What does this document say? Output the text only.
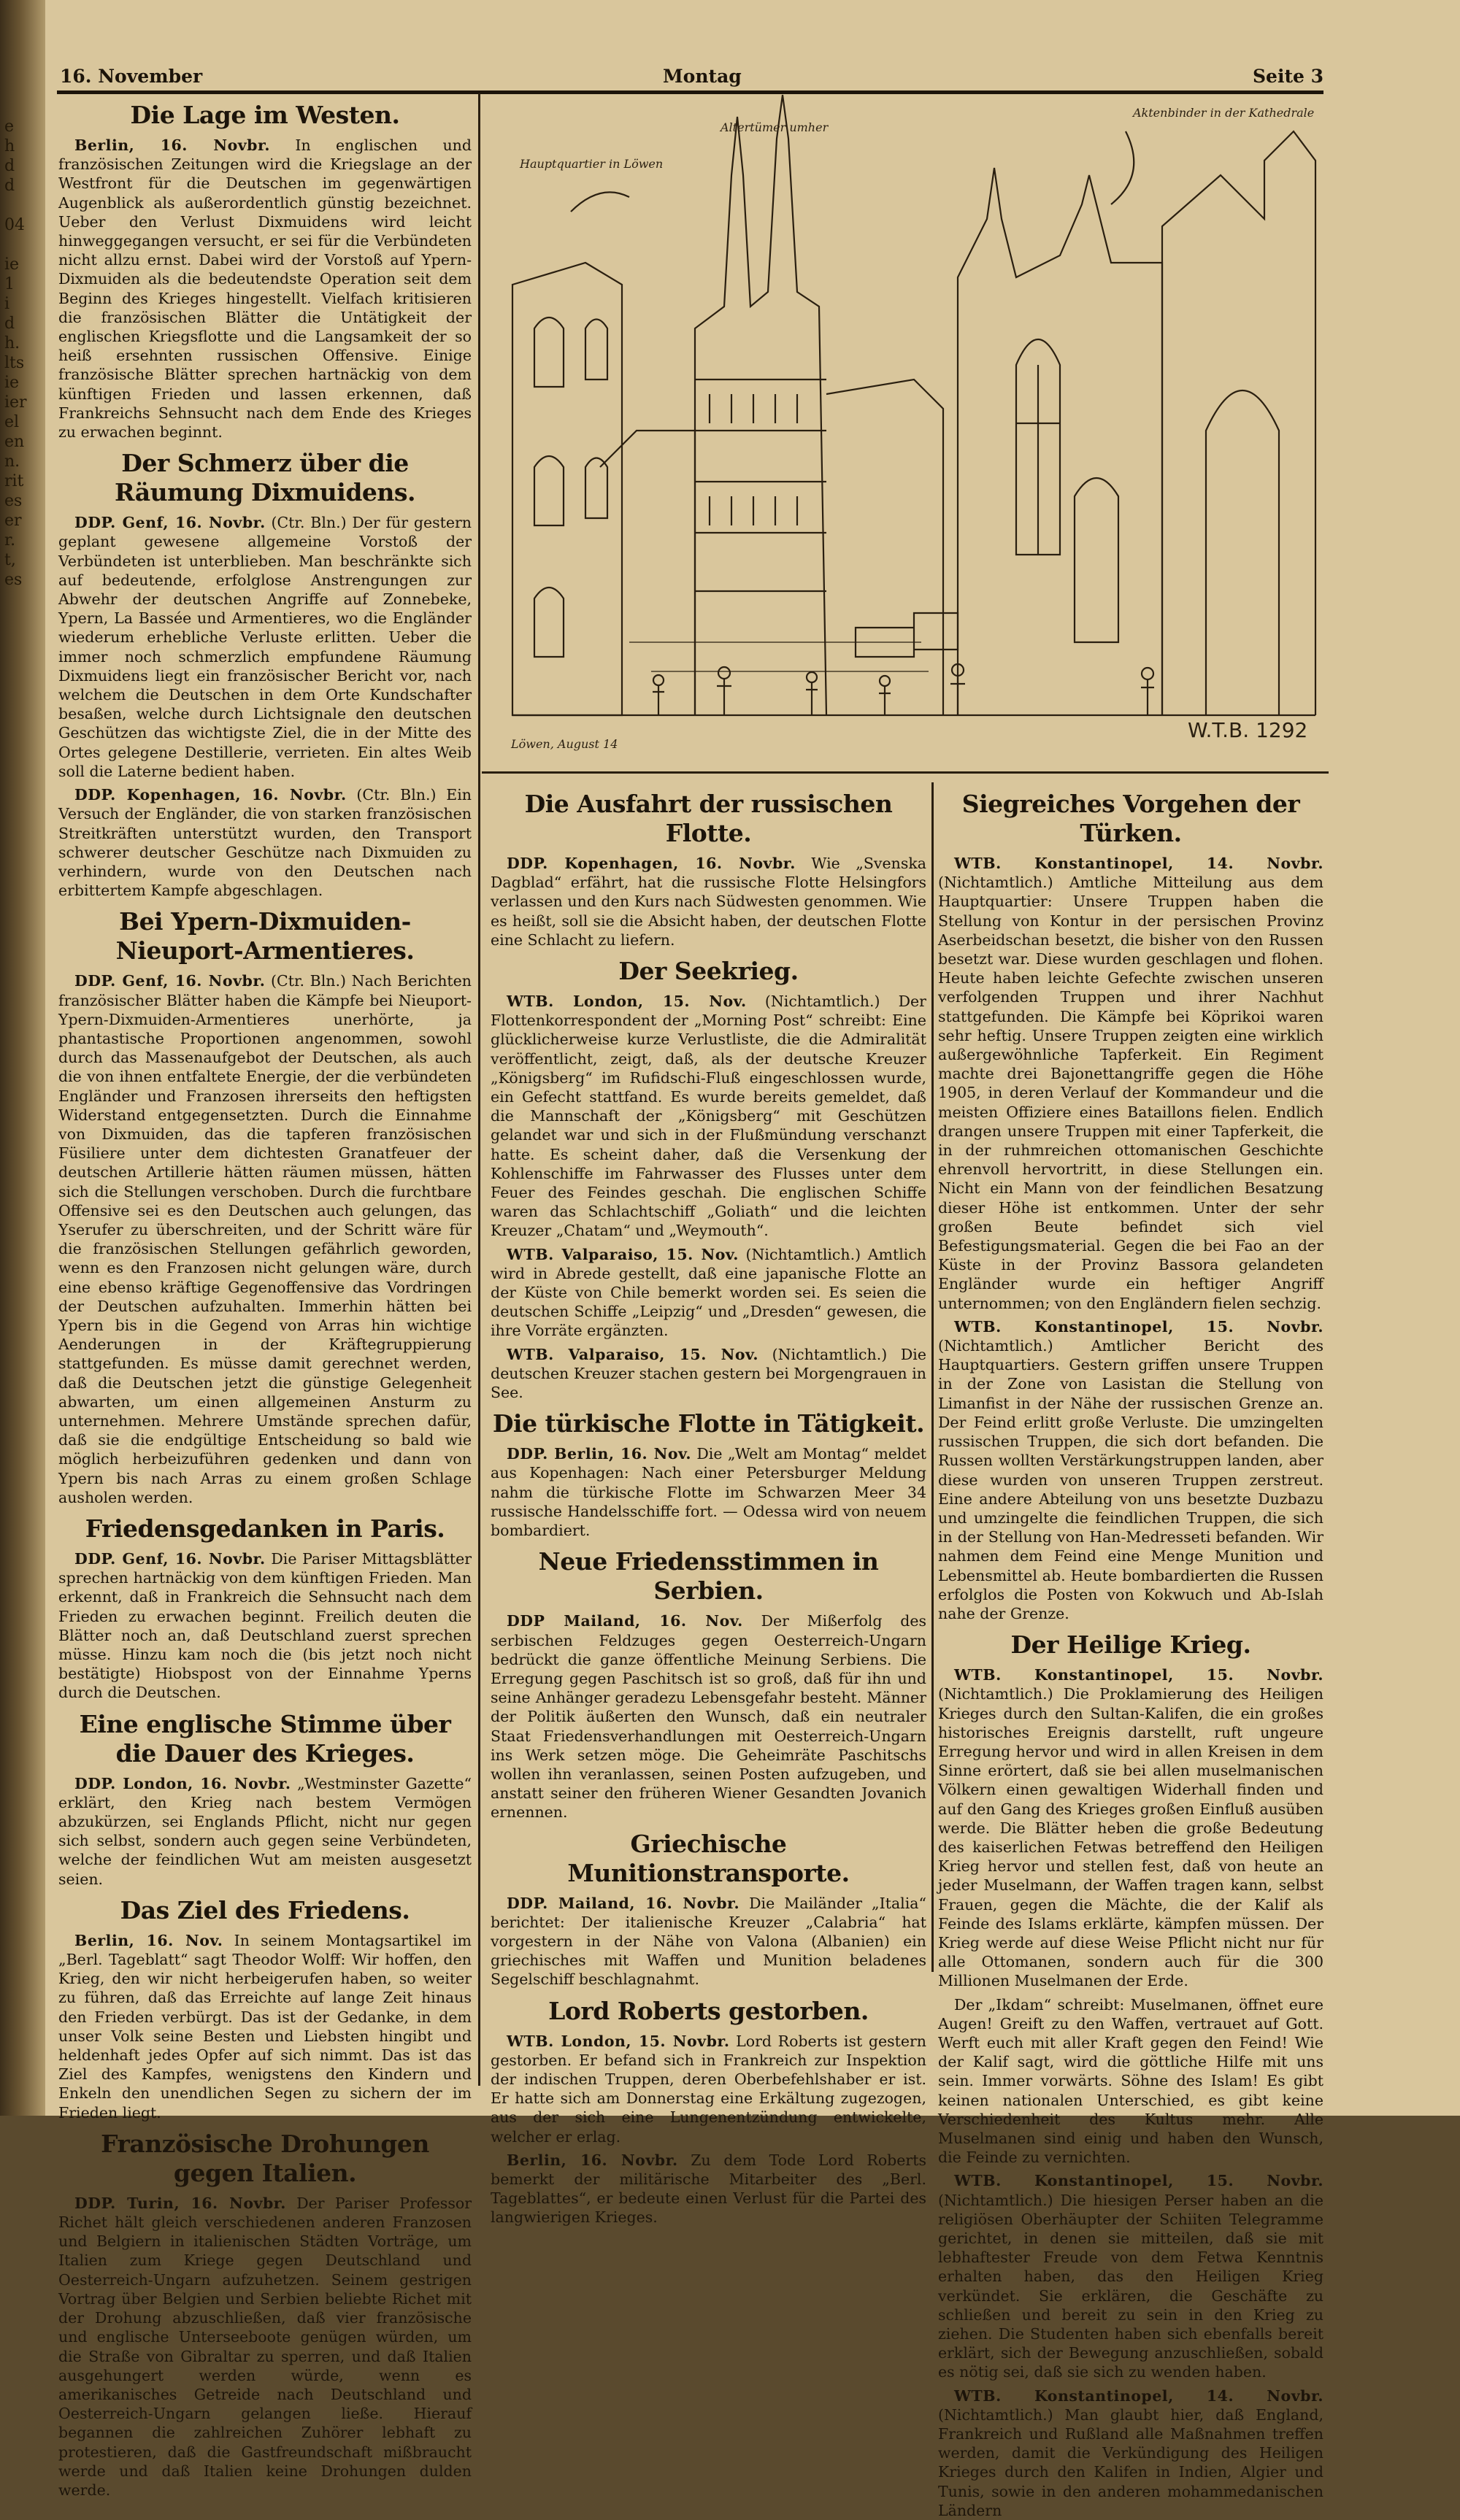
e
h
d
d

04

ie
1
i
d
h.
lts
ie
ier
el
en
n.
rit
es
er
r.
t,
es
16. November	Montag	Seite 3
Hauptquartier in Löwen
Altertümer umher
Aktenbinder in der Kathedrale
Löwen, August 14
W.T.B. 1292
Die Lage im Westen.

Berlin, 16. Novbr. In englischen und französischen Zeitungen wird die Kriegslage an der Westfront für die Deutschen im gegenwärtigen Augenblick als außerordentlich günstig bezeichnet. Ueber den Verlust Dixmuidens wird leicht hinweggegangen versucht, er sei für die Verbündeten nicht allzu ernst. Dabei wird der Vorstoß auf Ypern-Dixmuiden als die bedeutendste Operation seit dem Beginn des Krieges hingestellt. Vielfach kritisieren die französischen Blätter die Untätigkeit der englischen Kriegsflotte und die Langsamkeit der so heiß ersehnten russischen Offensive. Einige französische Blätter sprechen hartnäckig von dem künftigen Frieden und lassen erkennen, daß Frankreichs Sehnsucht nach dem Ende des Krieges zu erwachen beginnt.

Der Schmerz über die Räumung Dixmuidens.

DDP. Genf, 16. Novbr. (Ctr. Bln.) Der für gestern geplant gewesene allgemeine Vorstoß der Verbündeten ist unterblieben. Man beschränkte sich auf bedeutende, erfolglose Anstrengungen zur Abwehr der deutschen Angriffe auf Zonnebeke, Ypern, La Bassée und Armentieres, wo die Engländer wiederum erhebliche Verluste erlitten. Ueber die immer noch schmerzlich empfundene Räumung Dixmuidens liegt ein französischer Bericht vor, nach welchem die Deutschen in dem Orte Kundschafter besaßen, welche durch Lichtsignale den deutschen Geschützen das wichtigste Ziel, die in der Mitte des Ortes gelegene Destillerie, verrieten. Ein altes Weib soll die Laterne bedient haben.

DDP. Kopenhagen, 16. Novbr. (Ctr. Bln.) Ein Versuch der Engländer, die von starken französischen Streitkräften unterstützt wurden, den Transport schwerer deutscher Geschütze nach Dixmuiden zu verhindern, wurde von den Deutschen nach erbittertem Kampfe abgeschlagen.

Bei Ypern-Dixmuiden-Nieuport-Armentieres.

DDP. Genf, 16. Novbr. (Ctr. Bln.) Nach Berichten französischer Blätter haben die Kämpfe bei Nieuport-Ypern-Dixmuiden-Armentieres unerhörte, ja phantastische Proportionen angenommen, sowohl durch das Massenaufgebot der Deutschen, als auch die von ihnen entfaltete Energie, der die verbündeten Engländer und Franzosen ihrerseits den heftigsten Widerstand entgegensetzten. Durch die Einnahme von Dixmuiden, das die tapferen französischen Füsiliere unter dem dichtesten Granatfeuer der deutschen Artillerie hätten räumen müssen, hätten sich die Stellungen verschoben. Durch die furchtbare Offensive sei es den Deutschen auch gelungen, das Yserufer zu überschreiten, und der Schritt wäre für die französischen Stellungen gefährlich geworden, wenn es den Franzosen nicht gelungen wäre, durch eine ebenso kräftige Gegenoffensive das Vordringen der Deutschen aufzuhalten. Immerhin hätten bei Ypern bis in die Gegend von Arras hin wichtige Aenderungen in der Kräftegruppierung stattgefunden. Es müsse damit gerechnet werden, daß die Deutschen jetzt die günstige Gelegenheit abwarten, um einen allgemeinen Ansturm zu unternehmen. Mehrere Umstände sprechen dafür, daß sie die endgültige Entscheidung so bald wie möglich herbeizuführen gedenken und dann von Ypern bis nach Arras zu einem großen Schlage ausholen werden.

Friedensgedanken in Paris.

DDP. Genf, 16. Novbr. Die Pariser Mittagsblätter sprechen hartnäckig von dem künftigen Frieden. Man erkennt, daß in Frankreich die Sehnsucht nach dem Frieden zu erwachen beginnt. Freilich deuten die Blätter noch an, daß Deutschland zuerst sprechen müsse. Hinzu kam noch die (bis jetzt noch nicht bestätigte) Hiobspost von der Einnahme Yperns durch die Deutschen.

Eine englische Stimme über die Dauer des Krieges.

DDP. London, 16. Novbr. „Westminster Gazette“ erklärt, den Krieg nach bestem Vermögen abzukürzen, sei Englands Pflicht, nicht nur gegen sich selbst, sondern auch gegen seine Verbündeten, welche der feindlichen Wut am meisten ausgesetzt seien.

Das Ziel des Friedens.

Berlin, 16. Nov. In seinem Montagsartikel im „Berl. Tageblatt“ sagt Theodor Wolff: Wir hoffen, den Krieg, den wir nicht herbeigerufen haben, so weiter zu führen, daß das Erreichte auf lange Zeit hinaus den Frieden verbürgt. Das ist der Gedanke, in dem unser Volk seine Besten und Liebsten hingibt und heldenhaft jedes Opfer auf sich nimmt. Das ist das Ziel des Kampfes, wenigstens den Kindern und Enkeln den unendlichen Segen zu sichern der im Frieden liegt.

Französische Drohungen gegen Italien.

DDP. Turin, 16. Novbr. Der Pariser Professor Richet hält gleich verschiedenen anderen Franzosen und Belgiern in italienischen Städten Vorträge, um Italien zum Kriege gegen Deutschland und Oesterreich-Ungarn aufzuhetzen. Seinem gestrigen Vortrag über Belgien und Serbien beliebte Richet mit der Drohung abzuschließen, daß vier französische und englische Unterseeboote genügen würden, um die Straße von Gibraltar zu sperren, und daß Italien ausgehungert werden würde, wenn es amerikanisches Getreide nach Deutschland und Oesterreich-Ungarn gelangen ließe. Hierauf begannen die zahlreichen Zuhörer lebhaft zu protestieren, daß die Gastfreundschaft mißbraucht werde und daß Italien keine Drohungen dulden werde.

Die Ausfahrt der russischen Flotte.

DDP. Kopenhagen, 16. Novbr. Wie „Svenska Dagblad“ erfährt, hat die russische Flotte Helsingfors verlassen und den Kurs nach Südwesten genommen. Wie es heißt, soll sie die Absicht haben, der deutschen Flotte eine Schlacht zu liefern.

Der Seekrieg.

WTB. London, 15. Nov. (Nichtamtlich.) Der Flottenkorrespondent der „Morning Post“ schreibt: Eine glücklicherweise kurze Verlustliste, die die Admiralität veröffentlicht, zeigt, daß, als der deutsche Kreuzer „Königsberg“ im Rufidschi-Fluß eingeschlossen wurde, ein Gefecht stattfand. Es wurde bereits gemeldet, daß die Mannschaft der „Königsberg“ mit Geschützen gelandet war und sich in der Flußmündung verschanzt hatte. Es scheint daher, daß die Versenkung der Kohlenschiffe im Fahrwasser des Flusses unter dem Feuer des Feindes geschah. Die englischen Schiffe waren das Schlachtschiff „Goliath“ und die leichten Kreuzer „Chatam“ und „Weymouth“.

WTB. Valparaiso, 15. Nov. (Nichtamtlich.) Amtlich wird in Abrede gestellt, daß eine japanische Flotte an der Küste von Chile bemerkt worden sei. Es seien die deutschen Schiffe „Leipzig“ und „Dresden“ gewesen, die ihre Vorräte ergänzten.

WTB. Valparaiso, 15. Nov. (Nichtamtlich.) Die deutschen Kreuzer stachen gestern bei Morgengrauen in See.

Die türkische Flotte in Tätigkeit.

DDP. Berlin, 16. Nov. Die „Welt am Montag“ meldet aus Kopenhagen: Nach einer Petersburger Meldung nahm die türkische Flotte im Schwarzen Meer 34 russische Handelsschiffe fort. — Odessa wird von neuem bombardiert.

Neue Friedensstimmen in Serbien.

DDP Mailand, 16. Nov. Der Mißerfolg des serbischen Feldzuges gegen Oesterreich-Ungarn bedrückt die ganze öffentliche Meinung Serbiens. Die Erregung gegen Paschitsch ist so groß, daß für ihn und seine Anhänger geradezu Lebensgefahr besteht. Männer der Politik äußerten den Wunsch, daß ein neutraler Staat Friedensverhandlungen mit Oesterreich-Ungarn ins Werk setzen möge. Die Geheimräte Paschitschs wollen ihn veranlassen, seinen Posten aufzugeben, und anstatt seiner den früheren Wiener Gesandten Jovanich ernennen.

Griechische Munitionstransporte.

DDP. Mailand, 16. Novbr. Die Mailänder „Italia“ berichtet: Der italienische Kreuzer „Calabria“ hat vorgestern in der Nähe von Valona (Albanien) ein griechisches mit Waffen und Munition beladenes Segelschiff beschlagnahmt.

Lord Roberts gestorben.

WTB. London, 15. Novbr. Lord Roberts ist gestern gestorben. Er befand sich in Frankreich zur Inspektion der indischen Truppen, deren Oberbefehlshaber er ist. Er hatte sich am Donnerstag eine Erkältung zugezogen, aus der sich eine Lungenentzündung entwickelte, welcher er erlag.

Berlin, 16. Novbr. Zu dem Tode Lord Roberts bemerkt der militärische Mitarbeiter des „Berl. Tageblattes“, er bedeute einen Verlust für die Partei des langwierigen Krieges.

Siegreiches Vorgehen der Türken.

WTB. Konstantinopel, 14. Novbr. (Nichtamtlich.) Amtliche Mitteilung aus dem Hauptquartier: Unsere Truppen haben die Stellung von Kontur in der persischen Provinz Aserbeidschan besetzt, die bisher von den Russen besetzt war. Diese wurden geschlagen und flohen. Heute haben leichte Gefechte zwischen unseren verfolgenden Truppen und ihrer Nachhut stattgefunden. Die Kämpfe bei Köprikoi waren sehr heftig. Unsere Truppen zeigten eine wirklich außergewöhnliche Tapferkeit. Ein Regiment machte drei Bajonettangriffe gegen die Höhe 1905, in deren Verlauf der Kommandeur und die meisten Offiziere eines Bataillons fielen. Endlich drangen unsere Truppen mit einer Tapferkeit, die in der ruhmreichen ottomanischen Geschichte ehrenvoll hervortritt, in diese Stellungen ein. Nicht ein Mann von der feindlichen Besatzung dieser Höhe ist entkommen. Unter der sehr großen Beute befindet sich viel Befestigungsmaterial. Gegen die bei Fao an der Küste in der Provinz Bassora gelandeten Engländer wurde ein heftiger Angriff unternommen; von den Engländern fielen sechzig.

WTB. Konstantinopel, 15. Novbr. (Nichtamtlich.) Amtlicher Bericht des Hauptquartiers. Gestern griffen unsere Truppen in der Zone von Lasistan die Stellung von Limanfist in der Nähe der russischen Grenze an. Der Feind erlitt große Verluste. Die umzingelten russischen Truppen, die sich dort befanden. Die Russen wollten Verstärkungstruppen landen, aber diese wurden von unseren Truppen zerstreut. Eine andere Abteilung von uns besetzte Duzbazu und umzingelte die feindlichen Truppen, die sich in der Stellung von Han-Medresseti befanden. Wir nahmen dem Feind eine Menge Munition und Lebensmittel ab. Heute bombardierten die Russen erfolglos die Posten von Kokwuch und Ab-Islah nahe der Grenze.

Der Heilige Krieg.

WTB. Konstantinopel, 15. Novbr. (Nichtamtlich.) Die Proklamierung des Heiligen Krieges durch den Sultan-Kalifen, die ein großes historisches Ereignis darstellt, ruft ungeure Erregung hervor und wird in allen Kreisen in dem Sinne erörtert, daß sie bei allen muselmanischen Völkern einen gewaltigen Widerhall finden und auf den Gang des Krieges großen Einfluß ausüben werde. Die Blätter heben die große Bedeutung des kaiserlichen Fetwas betreffend den Heiligen Krieg hervor und stellen fest, daß von heute an jeder Muselmann, der Waffen tragen kann, selbst Frauen, gegen die Mächte, die der Kalif als Feinde des Islams erklärte, kämpfen müssen. Der Krieg werde auf diese Weise Pflicht nicht nur für alle Ottomanen, sondern auch für die 300 Millionen Muselmanen der Erde.

Der „Ikdam“ schreibt: Muselmanen, öffnet eure Augen! Greift zu den Waffen, vertrauet auf Gott. Werft euch mit aller Kraft gegen den Feind! Wie der Kalif sagt, wird die göttliche Hilfe mit uns sein. Immer vorwärts. Söhne des Islam! Es gibt keinen nationalen Unterschied, es gibt keine Verschiedenheit des Kultus mehr. Alle Muselmanen sind einig und haben den Wunsch, die Feinde zu vernichten.

WTB. Konstantinopel, 15. Novbr. (Nichtamtlich.) Die hiesigen Perser haben an die religiösen Oberhäupter der Schiiten Telegramme gerichtet, in denen sie mitteilen, daß sie mit lebhaftester Freude von dem Fetwa Kenntnis erhalten haben, das den Heiligen Krieg verkündet. Sie erklären, die Geschäfte zu schließen und bereit zu sein in den Krieg zu ziehen. Die Studenten haben sich ebenfalls bereit erklärt, sich der Bewegung anzuschließen, sobald es nötig sei, daß sie sich zu wenden haben.

WTB. Konstantinopel, 14. Novbr. (Nichtamtlich.) Man glaubt hier, daß England, Frankreich und Rußland alle Maßnahmen treffen werden, damit die Verkündigung des Heiligen Krieges durch den Kalifen in Indien, Algier und Tunis, sowie in den anderen mohammedanischen Ländern
